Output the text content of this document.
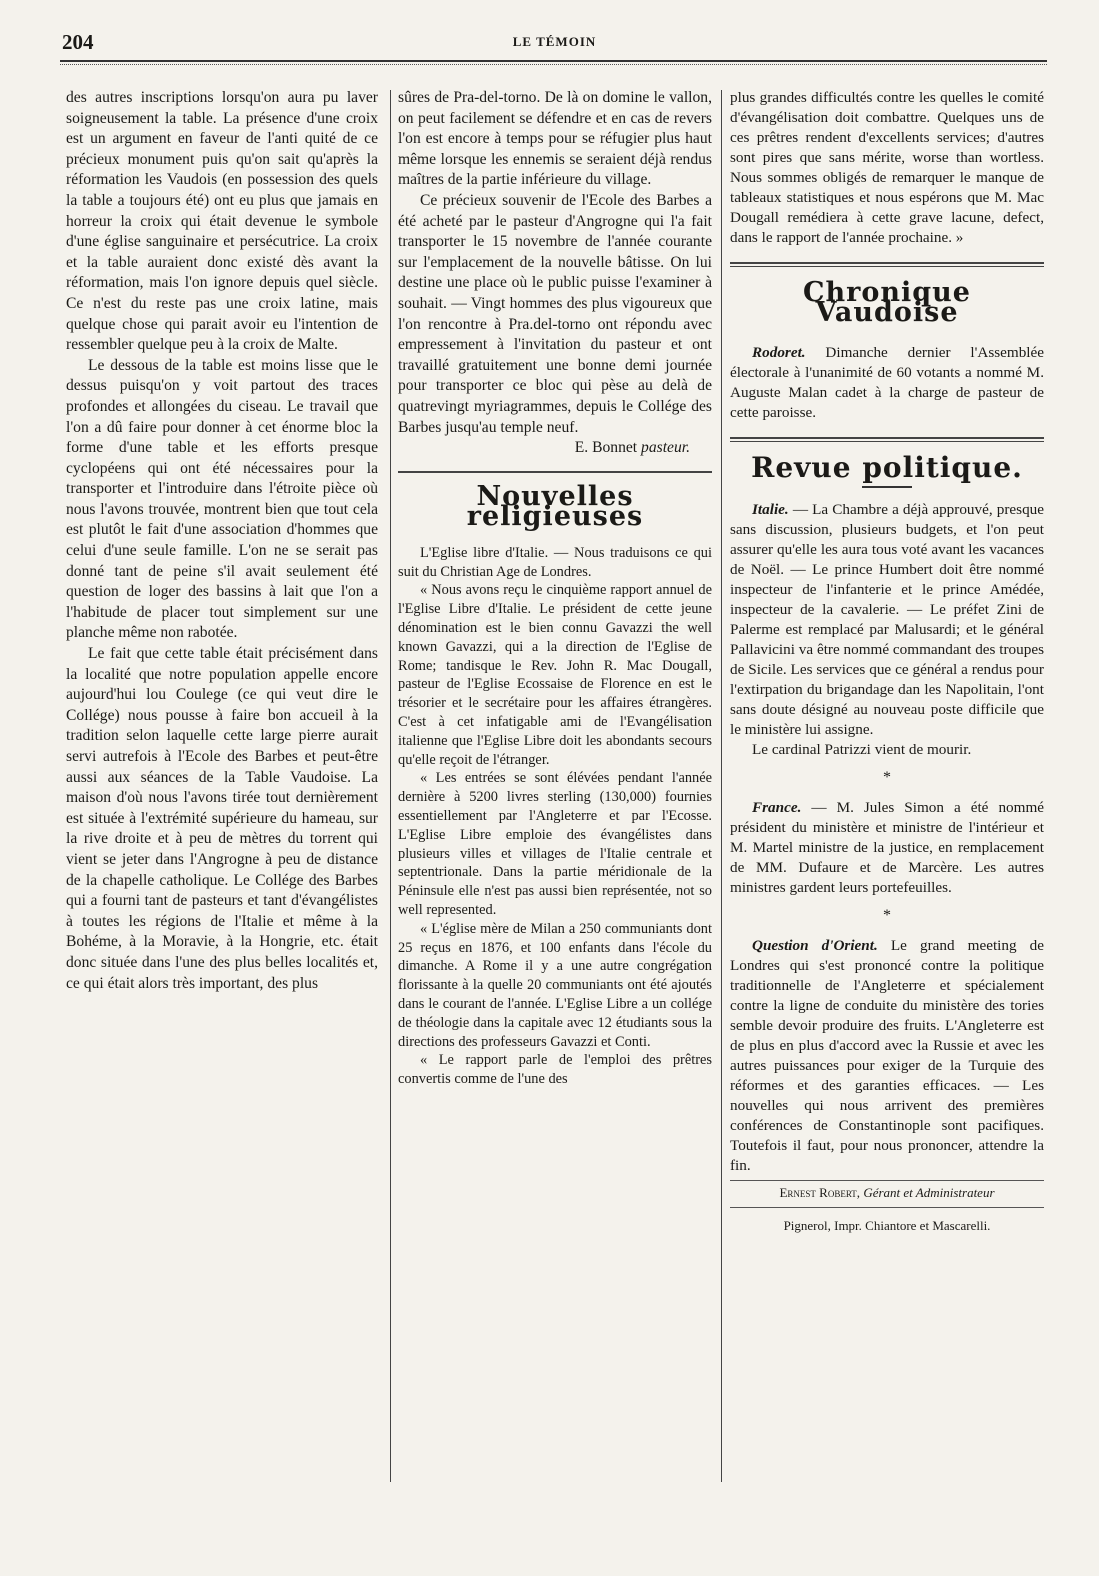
204	LE TÉMOIN

des autres inscriptions lorsqu'on aura pu laver soigneusement la table. La présence d'une croix est un argument en faveur de l'anti quité de ce précieux monument puis qu'on sait qu'après la réformation les Vaudois (en possession des quels la table a toujours été) ont eu plus que jamais en horreur la croix qui était devenue le symbole d'une église sanguinaire et persécutrice. La croix et la table auraient donc existé dès avant la réformation, mais l'on ignore depuis quel siècle. Ce n'est du reste pas une croix latine, mais quelque chose qui parait avoir eu l'intention de ressembler quelque peu à la croix de Malte.

Le dessous de la table est moins lisse que le dessus puisqu'on y voit partout des traces profondes et allongées du ciseau. Le travail que l'on a dû faire pour donner à cet énorme bloc la forme d'une table et les efforts presque cyclopéens qui ont été nécessaires pour la transporter et l'introduire dans l'étroite pièce où nous l'avons trouvée, montrent bien que tout cela est plutôt le fait d'une association d'hommes que celui d'une seule famille. L'on ne se serait pas donné tant de peine s'il avait seulement été question de loger des bassins à lait que l'on a l'habitude de placer tout simplement sur une planche même non rabotée.

Le fait que cette table était précisément dans la localité que notre population appelle encore aujourd'hui lou Coulege (ce qui veut dire le Collége) nous pousse à faire bon accueil à la tradition selon laquelle cette large pierre aurait servi autrefois à l'Ecole des Barbes et peut-être aussi aux séances de la Table Vaudoise. La maison d'où nous l'avons tirée tout dernièrement est située à l'extrémité supérieure du hameau, sur la rive droite et à peu de mètres du torrent qui vient se jeter dans l'Angrogne à peu de distance de la chapelle catholique. Le Collége des Barbes qui a fourni tant de pasteurs et tant d'évangélistes à toutes les régions de l'Italie et même à la Bohéme, à la Moravie, à la Hongrie, etc. était donc située dans l'une des plus belles localités et, ce qui était alors très important, des plus

sûres de Pra-del-torno. De là on domine le vallon, on peut facilement se défendre et en cas de revers l'on est encore à temps pour se réfugier plus haut même lorsque les ennemis se seraient déjà rendus maîtres de la partie inférieure du village.

Ce précieux souvenir de l'Ecole des Barbes a été acheté par le pasteur d'Angrogne qui l'a fait transporter le 15 novembre de l'année courante sur l'emplacement de la nouvelle bâtisse. On lui destine une place où le public puisse l'examiner à souhait. — Vingt hommes des plus vigoureux que l'on rencontre à Pra.del-torno ont répondu avec empressement à l'invitation du pasteur et ont travaillé gratuitement une bonne demi journée pour transporter ce bloc qui pèse au delà de quatrevingt myriagrammes, depuis le Collége des Barbes jusqu'au temple neuf.

E. Bonnet pasteur.

Nouvelles religieuses

L'Eglise libre d'Italie. — Nous traduisons ce qui suit du Christian Age de Londres.

« Nous avons reçu le cinquième rapport annuel de l'Eglise Libre d'Italie. Le président de cette jeune dénomination est le bien connu Gavazzi the well known Gavazzi, qui a la direction de l'Eglise de Rome; tandisque le Rev. John R. Mac Dougall, pasteur de l'Eglise Ecossaise de Florence en est le trésorier et le secrétaire pour les affaires étrangères. C'est à cet infatigable ami de l'Evangélisation italienne que l'Eglise Libre doit les abondants secours qu'elle reçoit de l'étranger.

« Les entrées se sont élévées pendant l'année dernière à 5200 livres sterling (130,000) fournies essentiellement par l'Angleterre et par l'Ecosse. L'Eglise Libre emploie des évangélistes dans plusieurs villes et villages de l'Italie centrale et septentrionale. Dans la partie méridionale de la Péninsule elle n'est pas aussi bien représentée, not so well represented.

« L'église mère de Milan a 250 communiants dont 25 reçus en 1876, et 100 enfants dans l'école du dimanche. A Rome il y a une autre congrégation florissante à la quelle 20 communiants ont été ajoutés dans le courant de l'année. L'Eglise Libre a un collége de théologie dans la capitale avec 12 étudiants sous la directions des professeurs Gavazzi et Conti.

« Le rapport parle de l'emploi des prêtres convertis comme de l'une des

plus grandes difficultés contre les quelles le comité d'évangélisation doit combattre. Quelques uns de ces prêtres rendent d'excellents services; d'autres sont pires que sans mérite, worse than wortless. Nous sommes obligés de remarquer le manque de tableaux statistiques et nous espérons que M. Mac Dougall remédiera à cette grave lacune, defect, dans le rapport de l'année prochaine. »

Chronique Vaudoise

Rodoret. Dimanche dernier l'Assemblée électorale à l'unanimité de 60 votants a nommé M. Auguste Malan cadet à la charge de pasteur de cette paroisse.

Revue politique.

Italie. — La Chambre a déjà approuvé, presque sans discussion, plusieurs budgets, et l'on peut assurer qu'elle les aura tous voté avant les vacances de Noël. — Le prince Humbert doit être nommé inspecteur de l'infanterie et le prince Amédée, inspecteur de la cavalerie. — Le préfet Zini de Palerme est remplacé par Malusardi; et le général Pallavicini va être nommé commandant des troupes de Sicile. Les services que ce général a rendus pour l'extirpation du brigandage dan les Napolitain, l'ont sans doute désigné au nouveau poste difficile que le ministère lui assigne.

Le cardinal Patrizzi vient de mourir.

*

France. — M. Jules Simon a été nommé président du ministère et ministre de l'intérieur et M. Martel ministre de la justice, en remplacement de MM. Dufaure et de Marcère. Les autres ministres gardent leurs portefeuilles.

*

Question d'Orient. Le grand meeting de Londres qui s'est prononcé contre la politique traditionnelle de l'Angleterre et spécialement contre la ligne de conduite du ministère des tories semble devoir produire des fruits. L'Angleterre est de plus en plus d'accord avec la Russie et avec les autres puissances pour exiger de la Turquie des réformes et des garanties efficaces. — Les nouvelles qui nous arrivent des premières conférences de Constantinople sont pacifiques. Toutefois il faut, pour nous prononcer, attendre la fin.

Ernest Robert, Gérant et Administrateur
Pignerol, Impr. Chiantore et Mascarelli.
